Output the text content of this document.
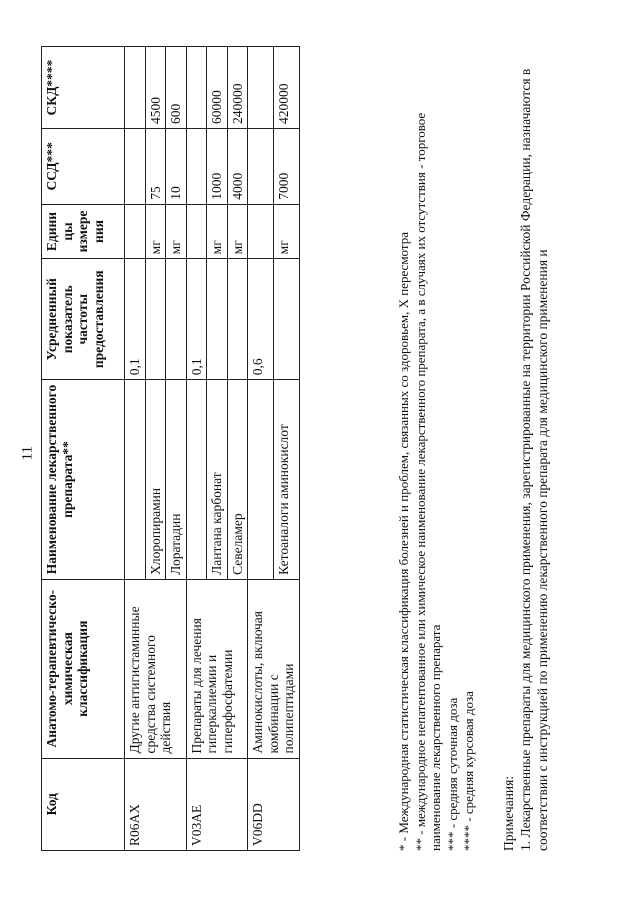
11
Код	Анатомо-терапевтическо-химическая классификация	Наименование лекарственного препарата**	Усредненный показатель частоты предоставления	Единицы измерения	ССД***	СКД****
R06AX	Другие антигистаминные средства системного действия		0,1			
		Хлоропирамин		мг	75	4500
		Лоратадин		мг	10	600
V03AE	Препараты для лечения гиперкалиемии и гиперфосфатемии		0,1			
		Лантана карбонат		мг	1000	60000
		Севеламер		мг	4000	240000
V06DD	Аминокислоты, включая комбинации с полипептидами		0,6			
		Кетоаналоги аминокислот		мг	7000	420000

* - Международная статистическая классификация болезней и проблем, связанных со здоровьем, X пересмотра ** - международное непатентованное или химическое наименование лекарственного препарата, а в случаях их отсутствия - торговое наименование лекарственного препарата *** - средняя суточная доза **** - средняя курсовая доза Примечания: 1. Лекарственные препараты для медицинского применения, зарегистрированные на территории Российской Федерации, назначаются в соответствии с инструкцией по применению лекарственного препарата для медицинского применения и
